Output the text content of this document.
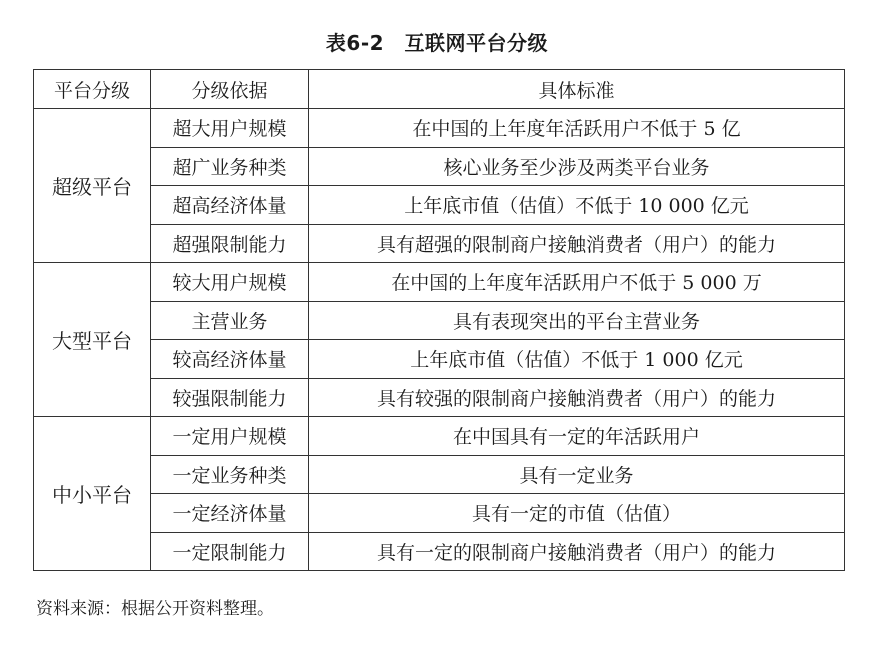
表6-2　互联网平台分级
平台分级	分级依据	具体标准
超级平台	超大用户规模	在中国的上年度年活跃用户不低于 5 亿
	超广业务种类	核心业务至少涉及两类平台业务
	超高经济体量	上年底市值（估值）不低于 10 000 亿元
	超强限制能力	具有超强的限制商户接触消费者（用户）的能力
大型平台	较大用户规模	在中国的上年度年活跃用户不低于 5 000 万
	主营业务	具有表现突出的平台主营业务
	较高经济体量	上年底市值（估值）不低于 1 000 亿元
	较强限制能力	具有较强的限制商户接触消费者（用户）的能力
中小平台	一定用户规模	在中国具有一定的年活跃用户
	一定业务种类	具有一定业务
	一定经济体量	具有一定的市值（估值）
	一定限制能力	具有一定的限制商户接触消费者（用户）的能力
资料来源：根据公开资料整理。
